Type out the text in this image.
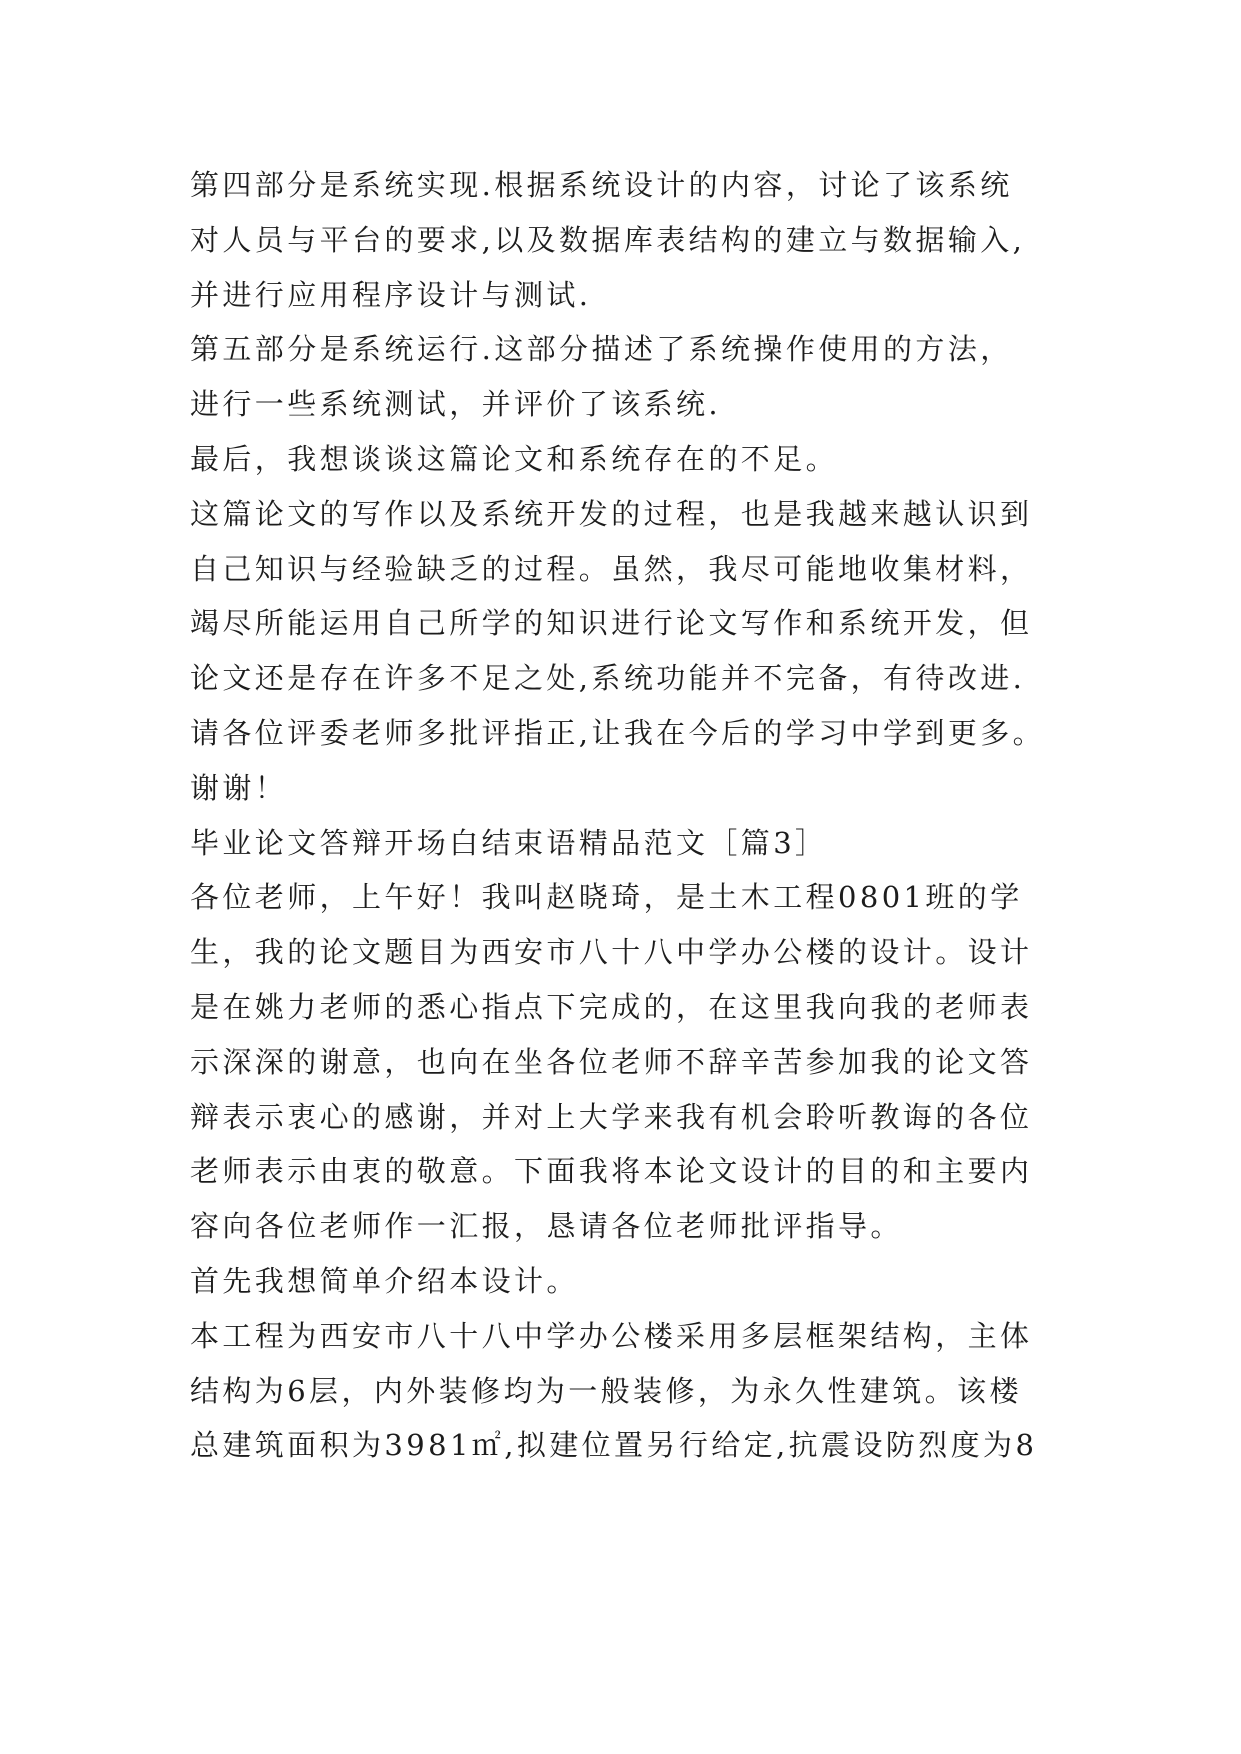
第四部分是系统实现.根据系统设计的内容，讨论了该系统
对人员与平台的要求,以及数据库表结构的建立与数据输入,
并进行应用程序设计与测试.
第五部分是系统运行.这部分描述了系统操作使用的方法，
进行一些系统测试，并评价了该系统.
最后，我想谈谈这篇论文和系统存在的不足。
这篇论文的写作以及系统开发的过程，也是我越来越认识到
自己知识与经验缺乏的过程。虽然，我尽可能地收集材料，
竭尽所能运用自己所学的知识进行论文写作和系统开发，但
论文还是存在许多不足之处,系统功能并不完备，有待改进.
请各位评委老师多批评指正,让我在今后的学习中学到更多。
谢谢！
毕业论文答辩开场白结束语精品范文［篇3］
各位老师，上午好！我叫赵晓琦，是土木工程0801班的学
生，我的论文题目为西安市八十八中学办公楼的设计。设计
是在姚力老师的悉心指点下完成的，在这里我向我的老师表
示深深的谢意，也向在坐各位老师不辞辛苦参加我的论文答
辩表示衷心的感谢，并对上大学来我有机会聆听教诲的各位
老师表示由衷的敬意。下面我将本论文设计的目的和主要内
容向各位老师作一汇报，恳请各位老师批评指导。
首先我想简单介绍本设计。
本工程为西安市八十八中学办公楼采用多层框架结构，主体
结构为6层，内外装修均为一般装修，为永久性建筑。该楼
总建筑面积为3981㎡,拟建位置另行给定,抗震设防烈度为8
